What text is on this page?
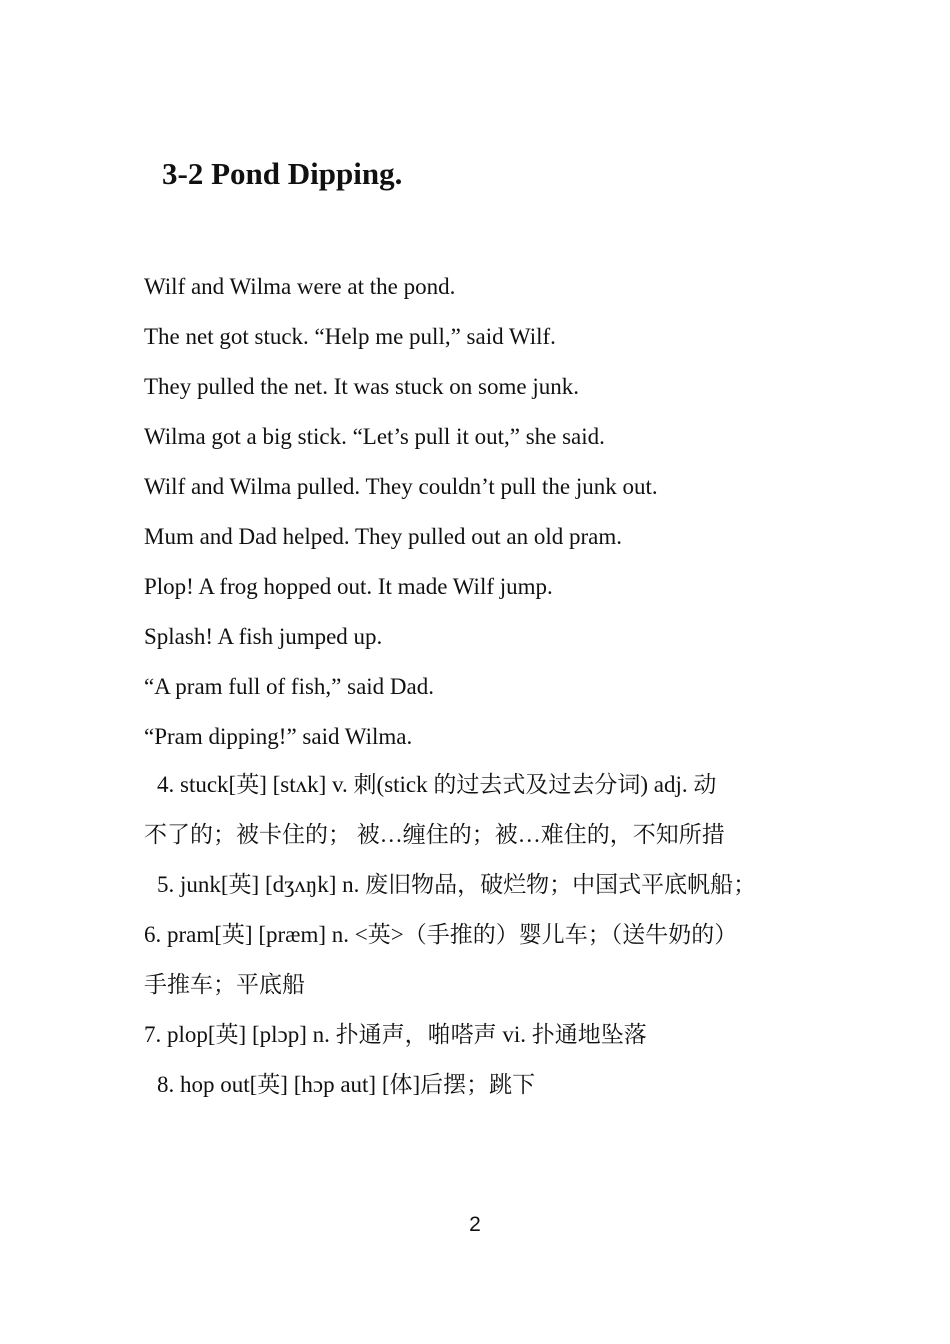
3-2 Pond Dipping.
Wilf and Wilma were at the pond.
The net got stuck. “Help me pull,” said Wilf.
They pulled the net. It was stuck on some junk.
Wilma got a big stick. “Let’s pull it out,” she said.
Wilf and Wilma pulled. They couldn’t pull the junk out.
Mum and Dad helped. They pulled out an old pram.
Plop! A frog hopped out. It made Wilf jump.
Splash! A fish jumped up.
“A pram full of fish,” said Dad.
“Pram dipping!” said Wilma.
4. stuck[英] [stʌk] v. 刺(stick 的过去式及过去分词) adj. 动
不了的；被卡住的； 被…缠住的；被…难住的，不知所措
5. junk[英] [dʒʌŋk] n. 废旧物品，破烂物；中国式平底帆船；
6. pram[英] [præm] n. <英>（手推的）婴儿车；（送牛奶的）
手推车；平底船
7. plop[英] [plɔp] n. 扑通声，啪嗒声 vi. 扑通地坠落
8. hop out[英] [hɔp aut] [体]后摆；跳下
2
